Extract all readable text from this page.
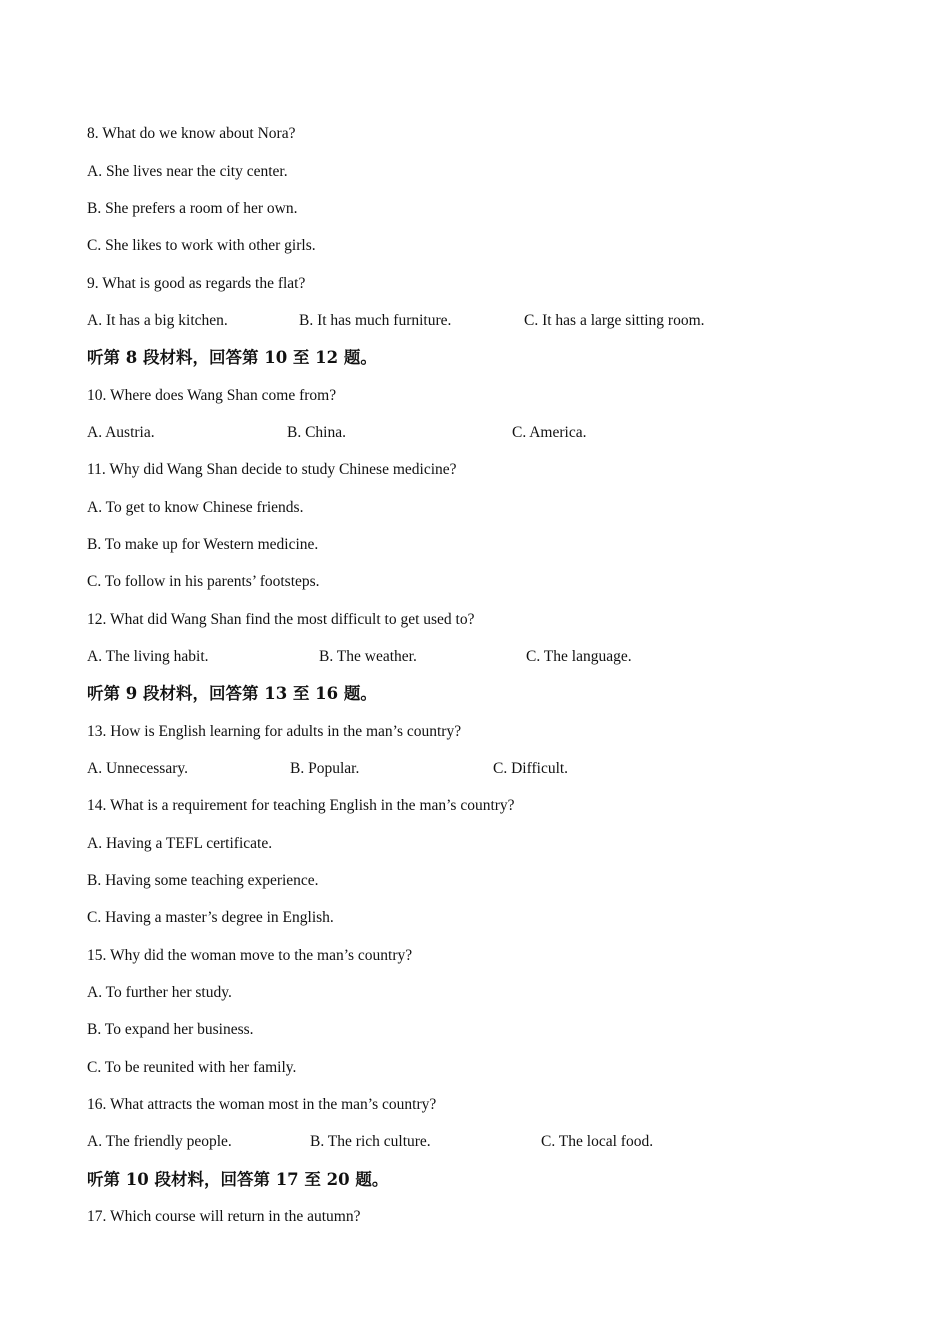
8. What do we know about Nora?
A. She lives near the city center.
B. She prefers a room of her own.
C. She likes to work with other girls.
9. What is good as regards the flat?
A. It has a big kitchen.	B. It has much furniture.	C. It has a large sitting room.
听第 8 段材料，回答第 10 至 12 题。
10. Where does Wang Shan come from?
A. Austria.	B. China.	C. America.
11. Why did Wang Shan decide to study Chinese medicine?
A. To get to know Chinese friends.
B. To make up for Western medicine.
C. To follow in his parents’ footsteps.
12. What did Wang Shan find the most difficult to get used to?
A. The living habit.	B. The weather.	C. The language.
听第 9 段材料，回答第 13 至 16 题。
13. How is English learning for adults in the man’s country?
A. Unnecessary.	B. Popular.	C. Difficult.
14. What is a requirement for teaching English in the man’s country?
A. Having a TEFL certificate.
B. Having some teaching experience.
C. Having a master’s degree in English.
15. Why did the woman move to the man’s country?
A. To further her study.
B. To expand her business.
C. To be reunited with her family.
16. What attracts the woman most in the man’s country?
A. The friendly people.	B. The rich culture.	C. The local food.
听第 10 段材料，回答第 17 至 20 题。
17. Which course will return in the autumn?
